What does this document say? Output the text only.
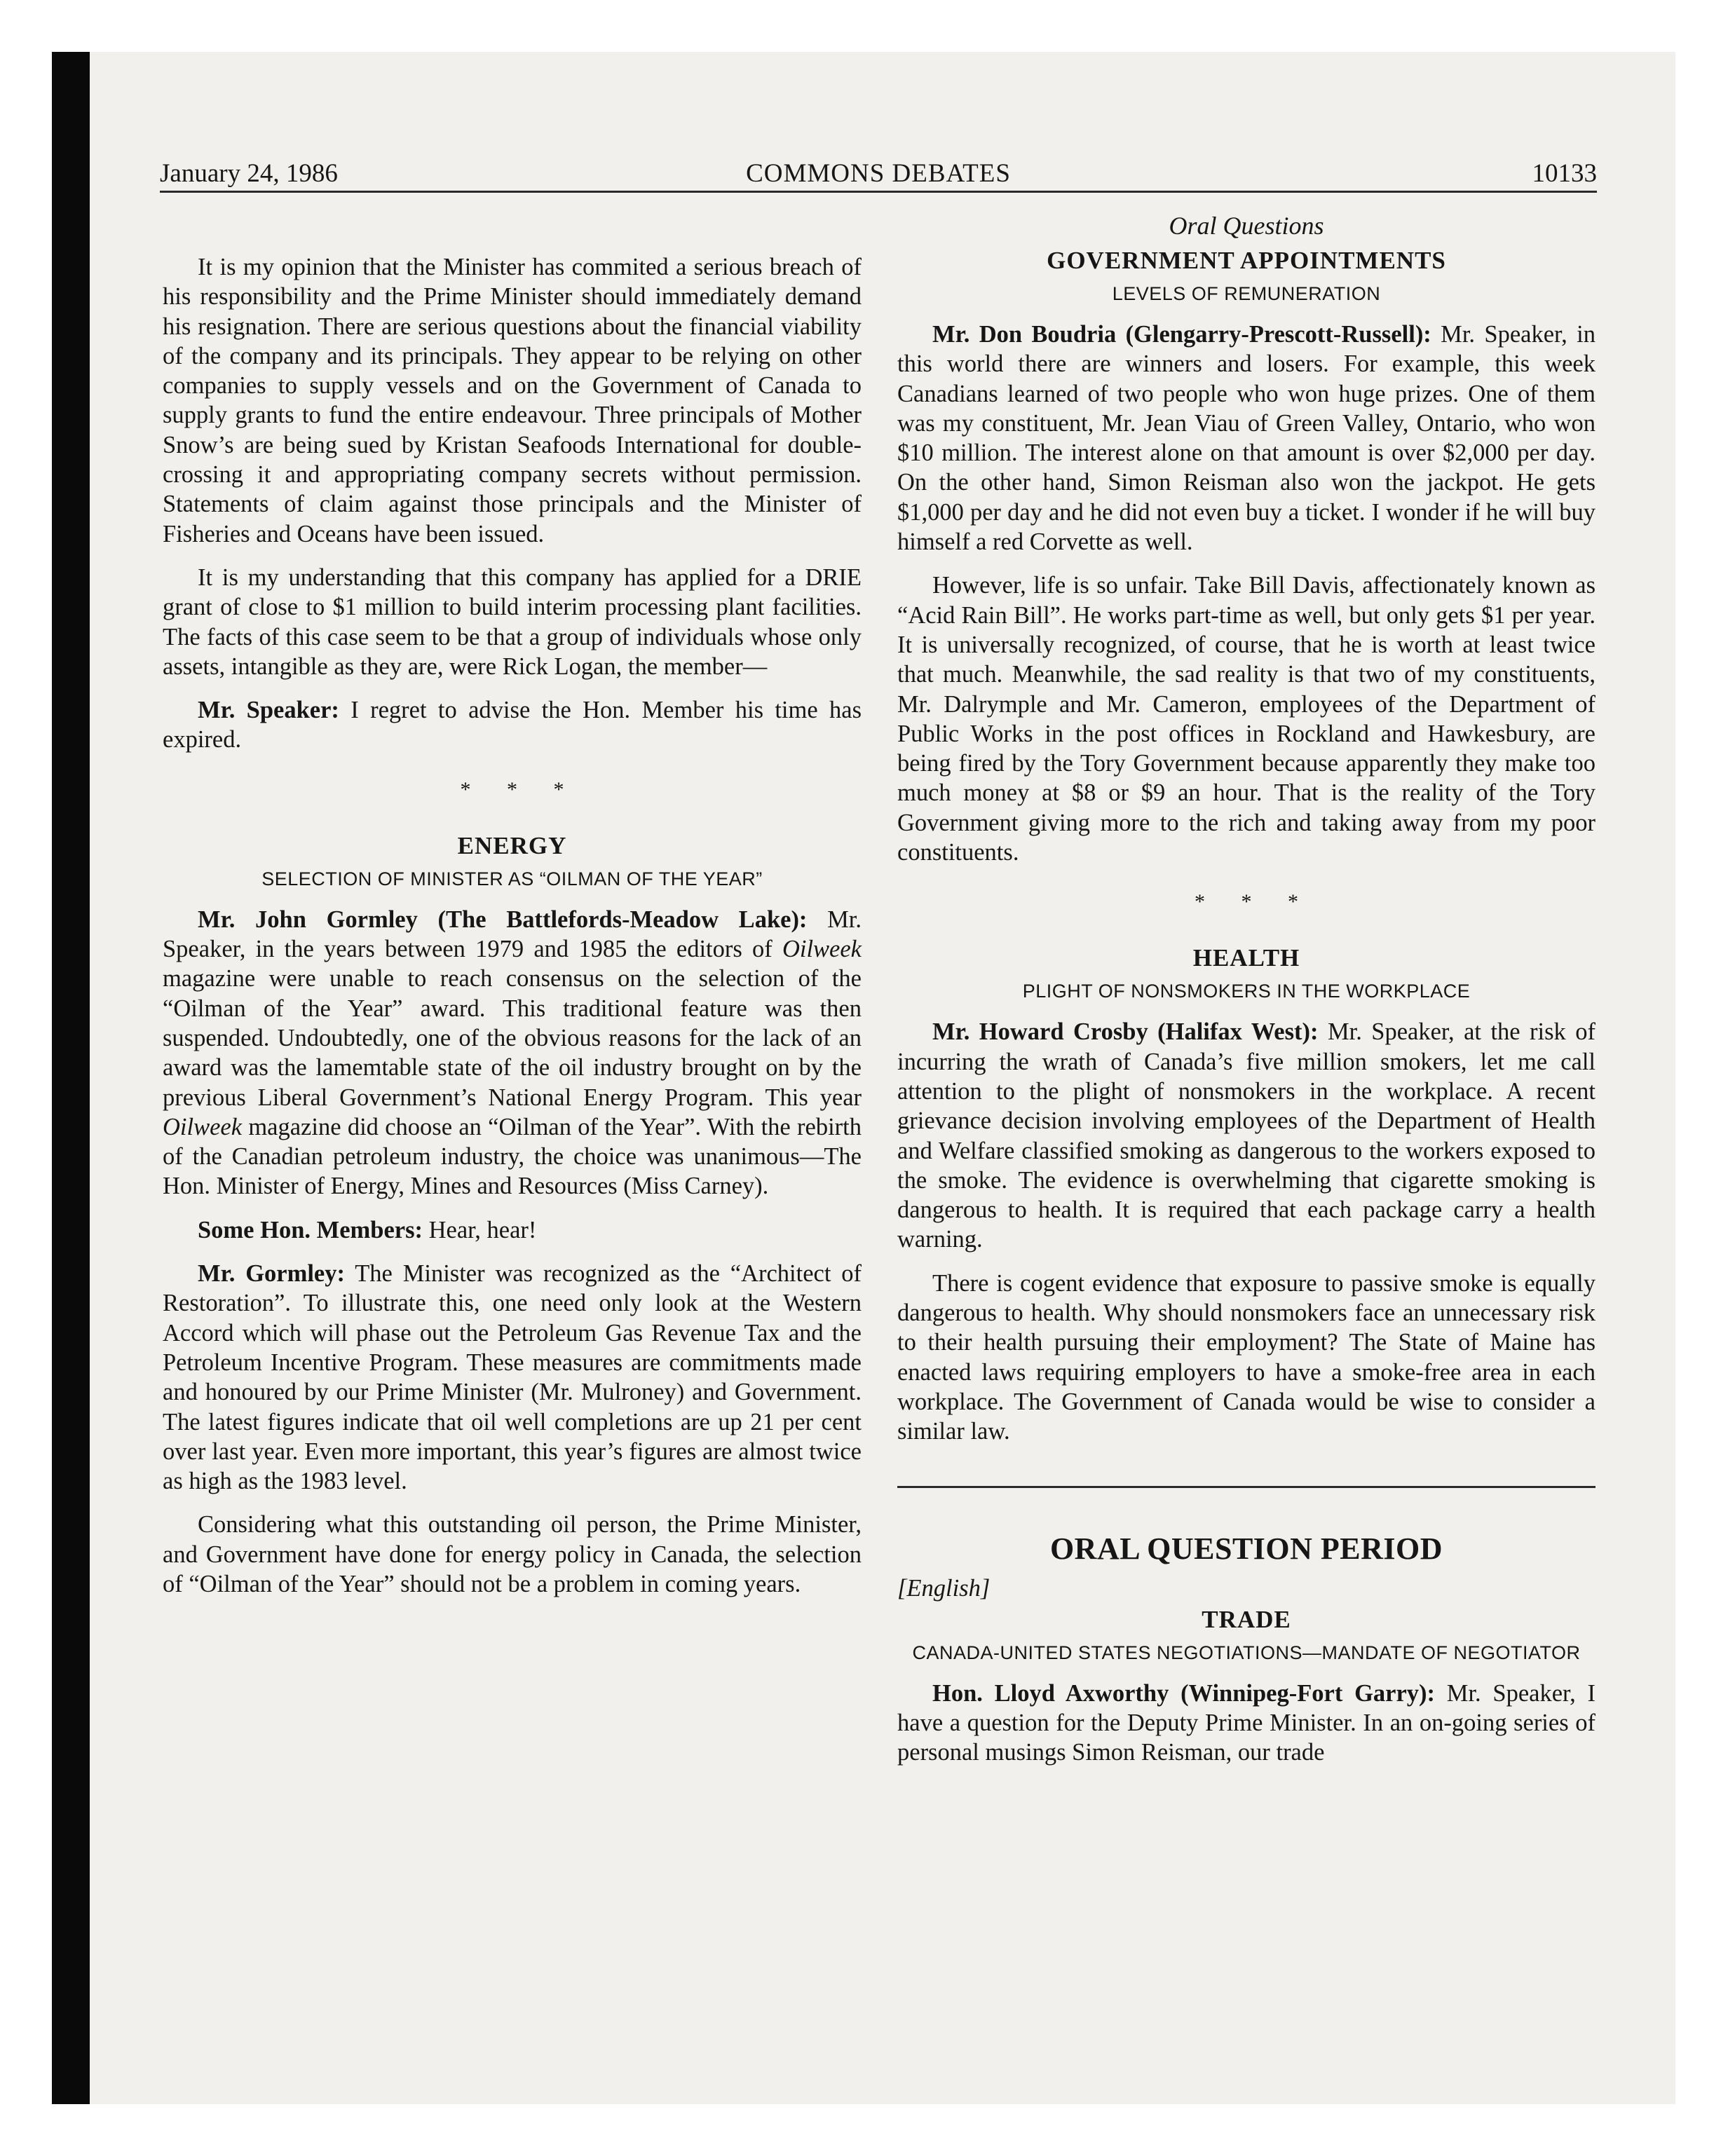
January 24, 1986	COMMONS DEBATES	10133

It is my opinion that the Minister has commited a serious breach of his responsibility and the Prime Minister should immediately demand his resignation. There are serious questions about the financial viability of the company and its principals. They appear to be relying on other companies to supply vessels and on the Government of Canada to supply grants to fund the entire endeavour. Three principals of Mother Snow’s are being sued by Kristan Seafoods International for double-crossing it and appropriating company secrets without permission. Statements of claim against those principals and the Minister of Fisheries and Oceans have been issued.

It is my understanding that this company has applied for a DRIE grant of close to $1 million to build interim processing plant facilities. The facts of this case seem to be that a group of individuals whose only assets, intangible as they are, were Rick Logan, the member—

Mr. Speaker: I regret to advise the Hon. Member his time has expired.

* * *
ENERGY
SELECTION OF MINISTER AS “OILMAN OF THE YEAR”

Mr. John Gormley (The Battlefords-Meadow Lake): Mr. Speaker, in the years between 1979 and 1985 the editors of Oilweek magazine were unable to reach consensus on the selection of the “Oilman of the Year” award. This traditional feature was then suspended. Undoubtedly, one of the obvious reasons for the lack of an award was the lamemtable state of the oil industry brought on by the previous Liberal Government’s National Energy Program. This year Oilweek magazine did choose an “Oilman of the Year”. With the rebirth of the Canadian petroleum industry, the choice was unanimous—The Hon. Minister of Energy, Mines and Resources (Miss Carney).

Some Hon. Members: Hear, hear!

Mr. Gormley: The Minister was recognized as the “Architect of Restoration”. To illustrate this, one need only look at the Western Accord which will phase out the Petroleum Gas Revenue Tax and the Petroleum Incentive Program. These measures are commitments made and honoured by our Prime Minister (Mr. Mulroney) and Government. The latest figures indicate that oil well completions are up 21 per cent over last year. Even more important, this year’s figures are almost twice as high as the 1983 level.

Considering what this outstanding oil person, the Prime Minister, and Government have done for energy policy in Canada, the selection of “Oilman of the Year” should not be a problem in coming years.

Oral Questions
GOVERNMENT APPOINTMENTS
LEVELS OF REMUNERATION

Mr. Don Boudria (Glengarry-Prescott-Russell): Mr. Speaker, in this world there are winners and losers. For example, this week Canadians learned of two people who won huge prizes. One of them was my constituent, Mr. Jean Viau of Green Valley, Ontario, who won $10 million. The interest alone on that amount is over $2,000 per day. On the other hand, Simon Reisman also won the jackpot. He gets $1,000 per day and he did not even buy a ticket. I wonder if he will buy himself a red Corvette as well.

However, life is so unfair. Take Bill Davis, affectionately known as “Acid Rain Bill”. He works part-time as well, but only gets $1 per year. It is universally recognized, of course, that he is worth at least twice that much. Meanwhile, the sad reality is that two of my constituents, Mr. Dalrymple and Mr. Cameron, employees of the Department of Public Works in the post offices in Rockland and Hawkesbury, are being fired by the Tory Government because apparently they make too much money at $8 or $9 an hour. That is the reality of the Tory Government giving more to the rich and taking away from my poor constituents.

* * *
HEALTH
PLIGHT OF NONSMOKERS IN THE WORKPLACE

Mr. Howard Crosby (Halifax West): Mr. Speaker, at the risk of incurring the wrath of Canada’s five million smokers, let me call attention to the plight of nonsmokers in the workplace. A recent grievance decision involving employees of the Department of Health and Welfare classified smoking as dangerous to the workers exposed to the smoke. The evidence is overwhelming that cigarette smoking is dangerous to health. It is required that each package carry a health warning.

There is cogent evidence that exposure to passive smoke is equally dangerous to health. Why should nonsmokers face an unnecessary risk to their health pursuing their employment? The State of Maine has enacted laws requiring employers to have a smoke-free area in each workplace. The Government of Canada would be wise to consider a similar law.

ORAL QUESTION PERIOD
[English]
TRADE
CANADA-UNITED STATES NEGOTIATIONS—MANDATE OF NEGOTIATOR

Hon. Lloyd Axworthy (Winnipeg-Fort Garry): Mr. Speaker, I have a question for the Deputy Prime Minister. In an on-going series of personal musings Simon Reisman, our trade
